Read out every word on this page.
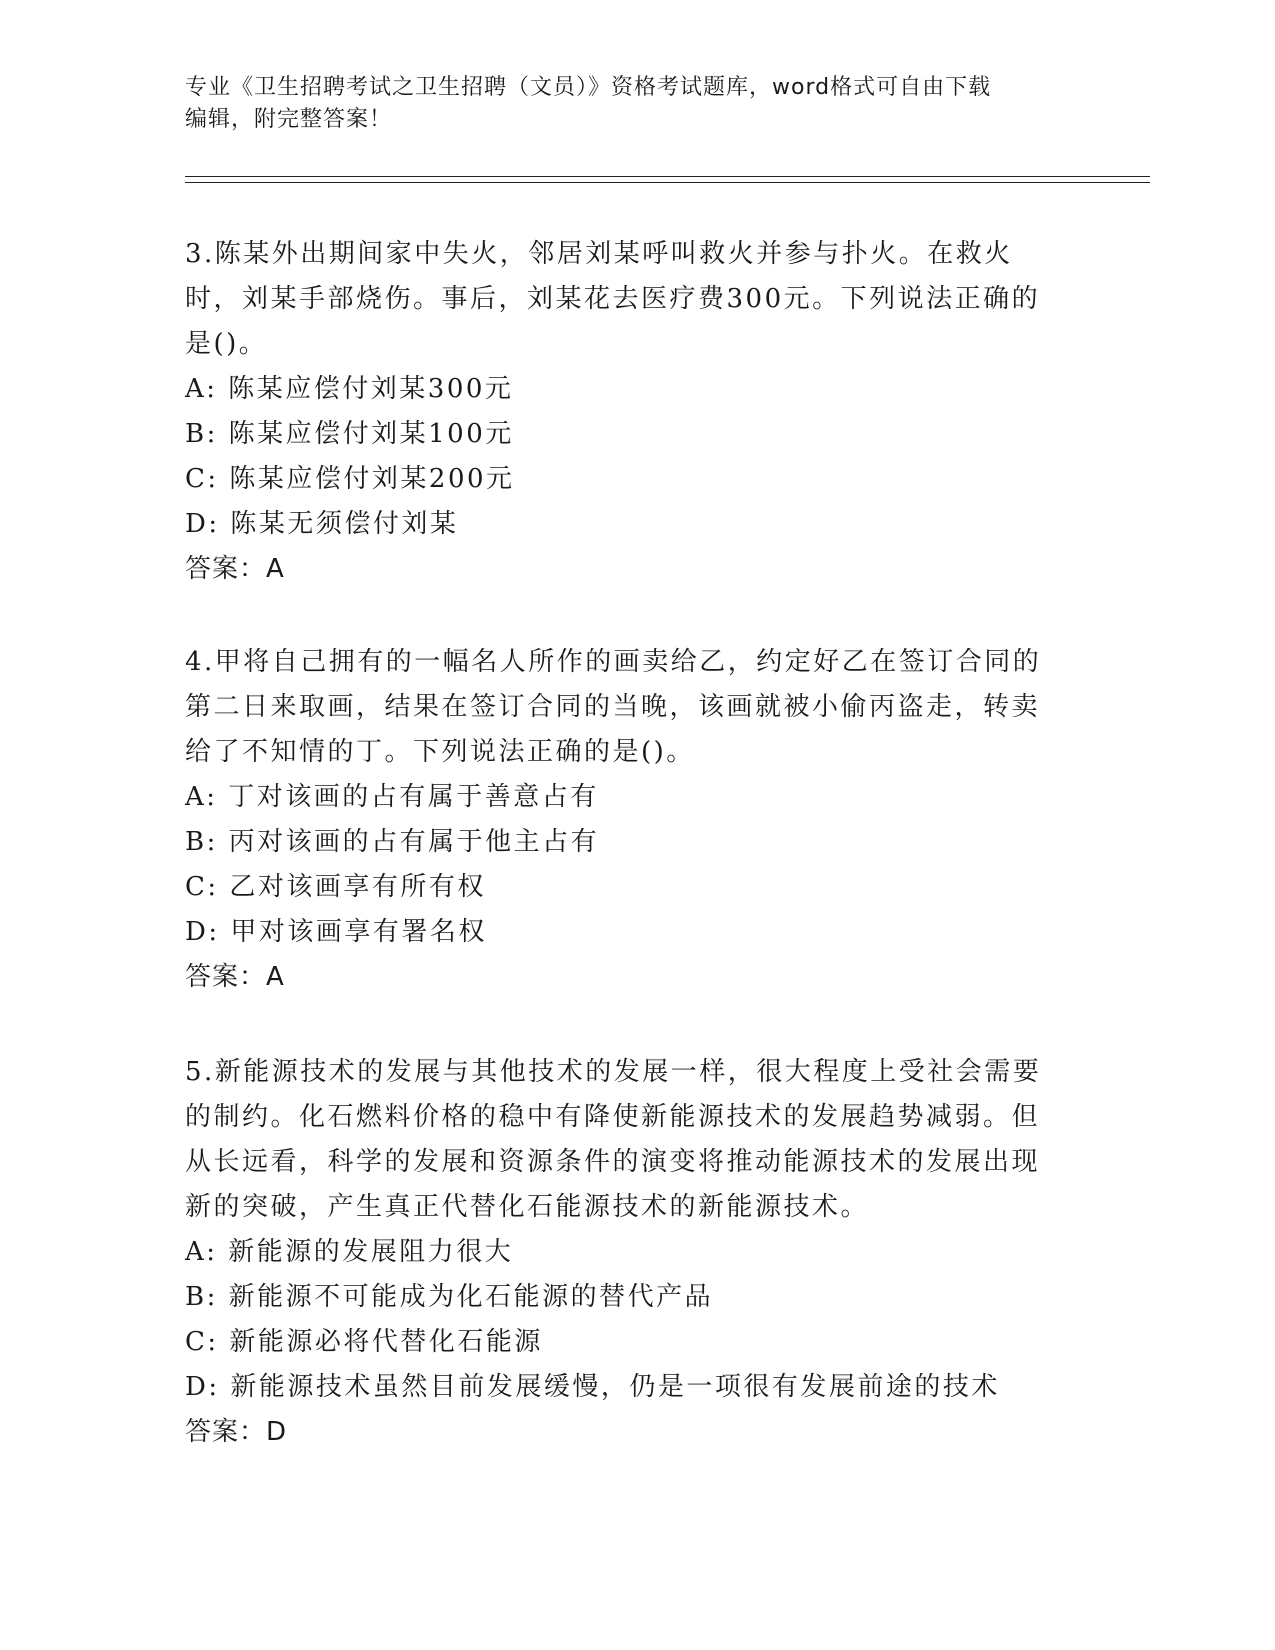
专业《卫生招聘考试之卫生招聘（文员）》资格考试题库，word格式可自由下载
编辑，附完整答案！

3.陈某外出期间家中失火，邻居刘某呼叫救火并参与扑火。在救火时，刘某手部烧伤。事后，刘某花去医疗费300元。下列说法正确的是()。

A: 陈某应偿付刘某300元

B: 陈某应偿付刘某100元

C: 陈某应偿付刘某200元

D: 陈某无须偿付刘某

答案：A

4.甲将自己拥有的一幅名人所作的画卖给乙，约定好乙在签订合同的第二日来取画，结果在签订合同的当晚，该画就被小偷丙盗走，转卖给了不知情的丁。下列说法正确的是()。

A: 丁对该画的占有属于善意占有

B: 丙对该画的占有属于他主占有

C: 乙对该画享有所有权

D: 甲对该画享有署名权

答案：A

5.新能源技术的发展与其他技术的发展一样，很大程度上受社会需要的制约。化石燃料价格的稳中有降使新能源技术的发展趋势减弱。但从长远看，科学的发展和资源条件的演变将推动能源技术的发展出现新的突破，产生真正代替化石能源技术的新能源技术。

A: 新能源的发展阻力很大

B: 新能源不可能成为化石能源的替代产品

C: 新能源必将代替化石能源

D: 新能源技术虽然目前发展缓慢，仍是一项很有发展前途的技术

答案：D
